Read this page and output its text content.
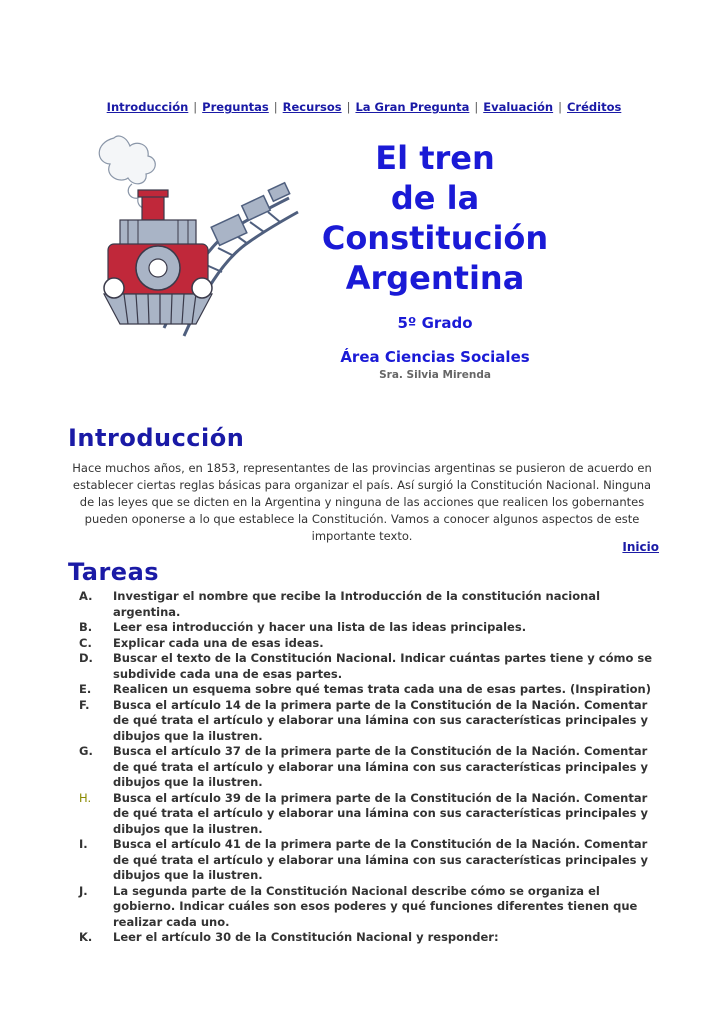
Introducción | Preguntas | Recursos | La Gran Pregunta | Evaluación | Créditos
El tren
de la
Constitución
Argentina
5º Grado
Área Ciencias Sociales
Sra. Silvia Mirenda
Introducción

Hace muchos años, en 1853, representantes de las provincias argentinas se pusieron de acuerdo en establecer ciertas reglas básicas para organizar el país. Así surgió la Constitución Nacional. Ninguna de las leyes que se dicten en la Argentina y ninguna de las acciones que realicen los gobernantes pueden oponerse a lo que establece la Constitución. Vamos a conocer algunos aspectos de este importante texto.

Inicio
Tareas
A.	Investigar el nombre que recibe la Introducción de la constitución nacional argentina.
B.	Leer esa introducción y hacer una lista de las ideas principales.
C.	Explicar cada una de esas ideas.
D.	Buscar el texto de la Constitución Nacional. Indicar cuántas partes tiene y cómo se subdivide cada una de esas partes.
E.	Realicen un esquema sobre qué temas trata cada una de esas partes. (Inspiration)
F.	Busca el artículo 14 de la primera parte de la Constitución de la Nación. Comentar de qué trata el artículo y elaborar una lámina con sus características principales y dibujos que la ilustren.
G.	Busca el artículo 37 de la primera parte de la Constitución de la Nación. Comentar de qué trata el artículo y elaborar una lámina con sus características principales y dibujos que la ilustren.
H.	Busca el artículo 39 de la primera parte de la Constitución de la Nación. Comentar de qué trata el artículo y elaborar una lámina con sus características principales y dibujos que la ilustren.
I.	Busca el artículo 41 de la primera parte de la Constitución de la Nación. Comentar de qué trata el artículo y elaborar una lámina con sus características principales y dibujos que la ilustren.
J.	La segunda parte de la Constitución Nacional describe cómo se organiza el gobierno. Indicar cuáles son esos poderes y qué funciones diferentes tienen que realizar cada uno.
K.	Leer el artículo 30 de la Constitución Nacional y responder:
